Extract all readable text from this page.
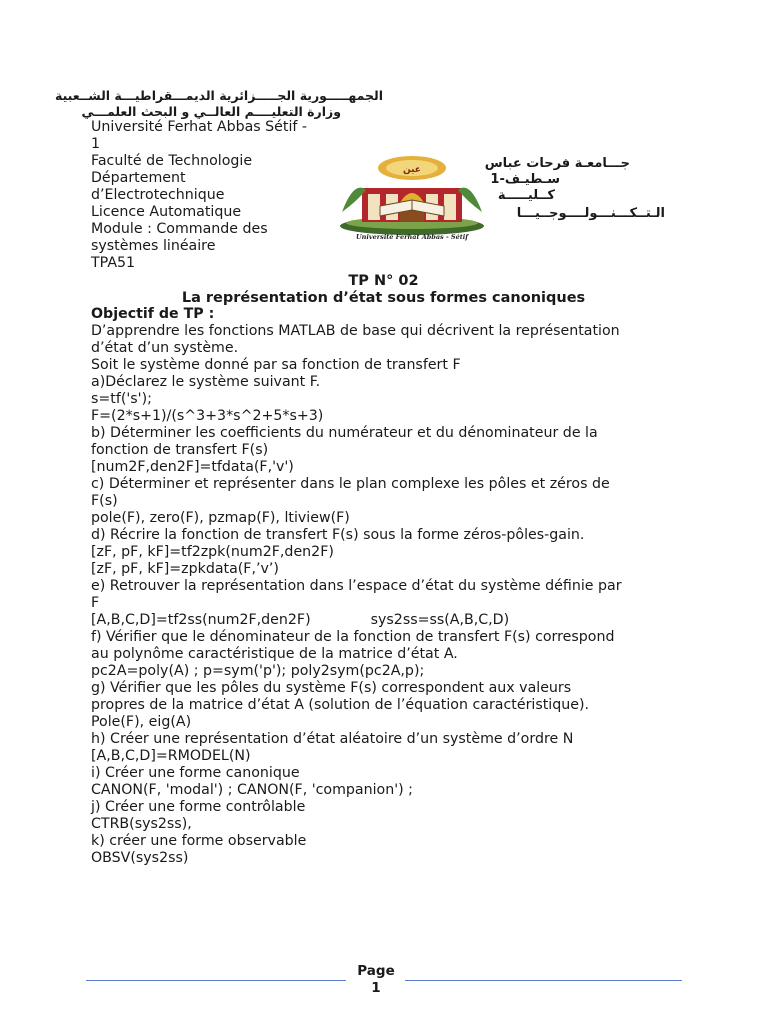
الجمهـــــورية الجـــــزائرية الديمـــقراطيـــة الشــعبية
وزارة التعليــــم العالــي و البحث العلمـــي
Université Ferhat Abbas Sétif -
1
Faculté de Technologie
Département
d’Electrotechnique
Licence Automatique
Module : Commande des
systèmes linéaire
TPA51
عين
Université Ferhat Abbas - Sétif
جـــامعـة فرحات عباس
سـطيـف-1
كــليـــــة
الـتــكـــنـــولــــوجــيـــا
TP N° 02
La représentation d’état sous formes canoniques
Objectif de TP :
D’apprendre les fonctions MATLAB de base qui décrivent la représentation
d’état d’un système.
Soit le système donné par sa fonction de transfert F
a)Déclarez le système suivant F.
s=tf('s');
F=(2*s+1)/(s^3+3*s^2+5*s+3)
b) Déterminer les coefficients du numérateur et du dénominateur de la
fonction de transfert F(s)
[num2F,den2F]=tfdata(F,'v')
c) Déterminer et représenter dans le plan complexe les pôles et zéros de
F(s)
pole(F), zero(F), pzmap(F), ltiview(F)
d) Récrire la fonction de transfert F(s) sous la forme zéros-pôles-gain.
[zF, pF, kF]=tf2zpk(num2F,den2F)
[zF, pF, kF]=zpkdata(F,’v’)
e) Retrouver la représentation dans l’espace d’état du système définie par
F
[A,B,C,D]=tf2ss(num2F,den2F)	sys2ss=ss(A,B,C,D)
f) Vérifier que le dénominateur de la fonction de transfert F(s) correspond
au polynôme caractéristique de la matrice d’état A.
pc2A=poly(A) ; p=sym('p'); poly2sym(pc2A,p);
g) Vérifier que les pôles du système F(s) correspondent aux valeurs
propres de la matrice d’état A (solution de l’équation caractéristique).
Pole(F), eig(A)
h) Créer une représentation d’état aléatoire d’un système d’ordre N
[A,B,C,D]=RMODEL(N)
i) Créer une forme canonique
CANON(F, 'modal') ; CANON(F, 'companion') ;
j) Créer une forme contrôlable
CTRB(sys2ss),
k) créer une forme observable
OBSV(sys2ss)
Page
1
